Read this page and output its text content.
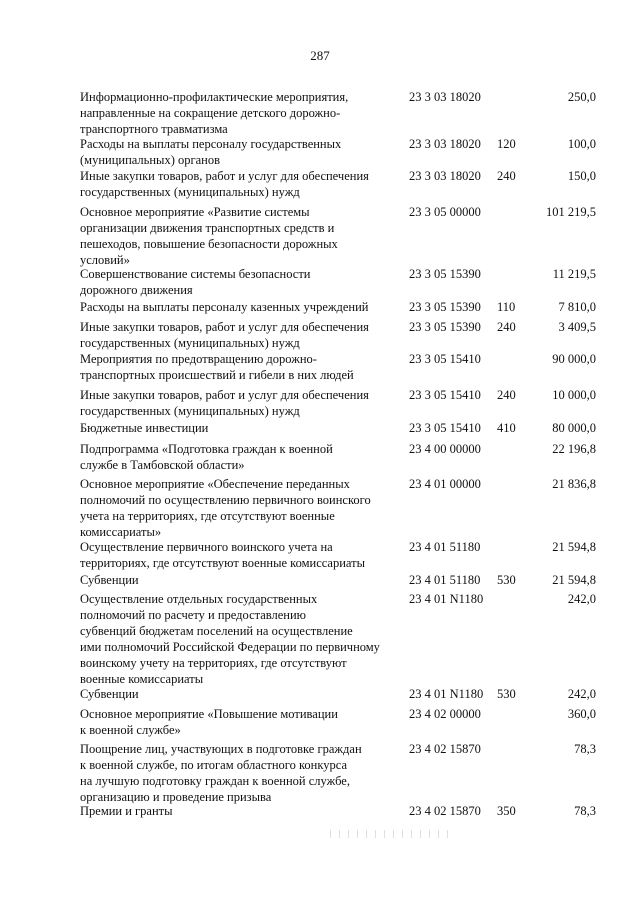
287
Информационно-профилактические мероприятия,
направленные на сокращение детского дорожно-
транспортного травматизма
23 3 03 18020	250,0
Расходы на выплаты персоналу государственных
(муниципальных) органов
23 3 03 18020 120	100,0
Иные закупки товаров, работ и услуг для обеспечения
государственных (муниципальных) нужд
23 3 03 18020 240	150,0
Основное мероприятие «Развитие системы
организации движения транспортных средств и
пешеходов, повышение безопасности дорожных
условий»
23 3 05 00000	101 219,5
Совершенствование системы безопасности
дорожного движения
23 3 05 15390	11 219,5
Расходы на выплаты персоналу казенных учреждений	23 3 05 15390 110	7 810,0
Иные закупки товаров, работ и услуг для обеспечения
государственных (муниципальных) нужд
23 3 05 15390 240	3 409,5
Мероприятия по предотвращению дорожно-
транспортных происшествий и гибели в них людей
23 3 05 15410	90 000,0
Иные закупки товаров, работ и услуг для обеспечения
государственных (муниципальных) нужд
23 3 05 15410 240	10 000,0
Бюджетные инвестиции	23 3 05 15410 410	80 000,0
Подпрограмма «Подготовка граждан к военной
службе в Тамбовской области»
23 4 00 00000	22 196,8
Основное мероприятие «Обеспечение переданных
полномочий по осуществлению первичного воинского
учета на территориях, где отсутствуют военные
комиссариаты»
23 4 01 00000	21 836,8
Осуществление первичного воинского учета на
территориях, где отсутствуют военные комиссариаты
23 4 01 51180	21 594,8
Субвенции	23 4 01 51180 530	21 594,8
Осуществление отдельных государственных
полномочий по расчету и предоставлению
субвенций бюджетам поселений на осуществление
ими полномочий Российской Федерации по первичному
воинскому учету на территориях, где отсутствуют
военные комиссариаты
23 4 01 N1180	242,0
Субвенции	23 4 01 N1180 530	242,0
Основное мероприятие «Повышение мотивации
к военной службе»
23 4 02 00000	360,0
Поощрение лиц, участвующих в подготовке граждан
к военной службе, по итогам областного конкурса
на лучшую подготовку граждан к военной службе,
организацию и проведение призыва
23 4 02 15870	78,3
Премии и гранты	23 4 02 15870 350	78,3
